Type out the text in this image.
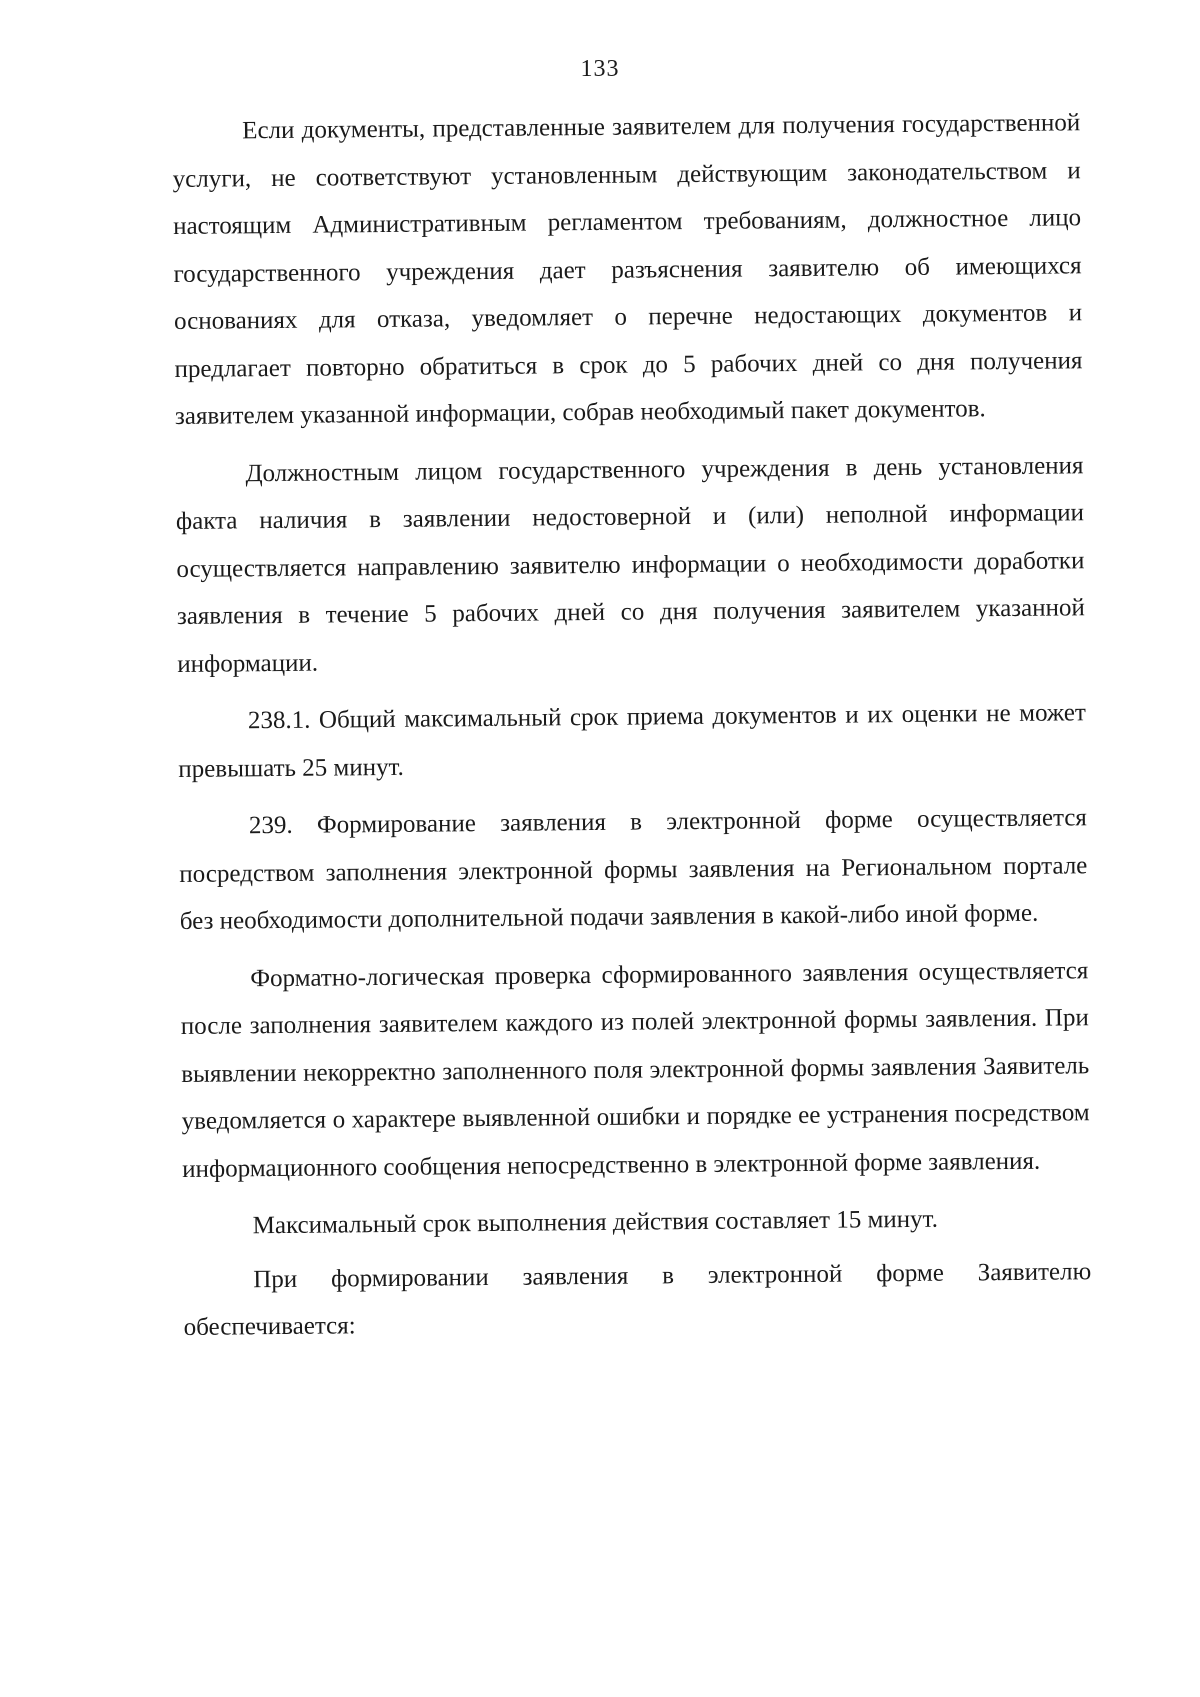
133

Если документы, представленные заявителем для получения государственной услуги, не соответствуют установленным действующим законодательством и настоящим Административным регламентом требованиям, должностное лицо государственного учреждения дает разъяснения заявителю об имеющихся основаниях для отказа, уведомляет о перечне недостающих документов и предлагает повторно обратиться в срок до 5 рабочих дней со дня получения заявителем указанной информации, собрав необходимый пакет документов.

Должностным лицом государственного учреждения в день установления факта наличия в заявлении недостоверной и (или) неполной информации осуществляется направлению заявителю информации о необходимости доработки заявления в течение 5 рабочих дней со дня получения заявителем указанной информации.

238.1. Общий максимальный срок приема документов и их оценки не может превышать 25 минут.

239. Формирование заявления в электронной форме осуществляется посредством заполнения электронной формы заявления на Региональном портале без необходимости дополнительной подачи заявления в какой-либо иной форме.

Форматно-логическая проверка сформированного заявления осуществляется после заполнения заявителем каждого из полей электронной формы заявления. При выявлении некорректно заполненного поля электронной формы заявления Заявитель уведомляется о характере выявленной ошибки и порядке ее устранения посредством информационного сообщения непосредственно в электронной форме заявления.

Максимальный срок выполнения действия составляет 15 минут.

При формировании заявления в электронной форме Заявителю обеспечивается:
